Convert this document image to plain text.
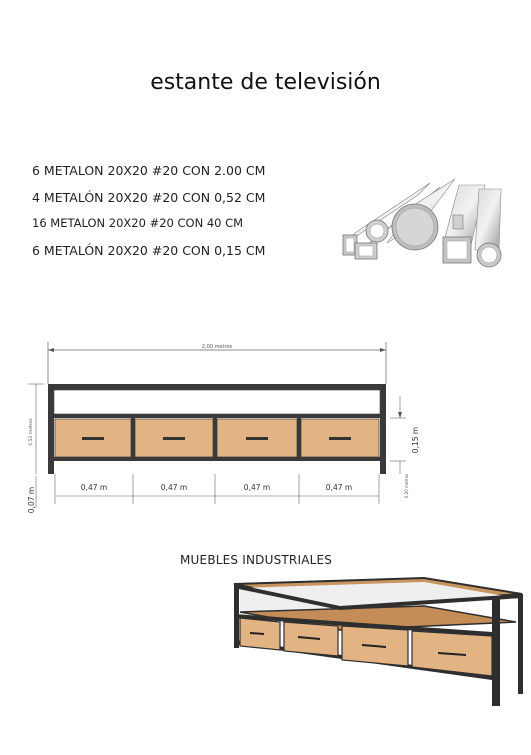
estante de televisión
6 METALON 20X20 #20 CON 2.00 CM
4 METALÓN 20X20 #20 CON 0,52 CM
16 METALON 20X20 #20 CON 40 CM
6 METALÓN 20X20 #20 CON 0,15 CM
2,00 metros
0,52 metros
0,07 m
0,15 m
0,20 metros
0,47 m	0,47 m	0,47 m	0,47 m
MUEBLES INDUSTRIALES
